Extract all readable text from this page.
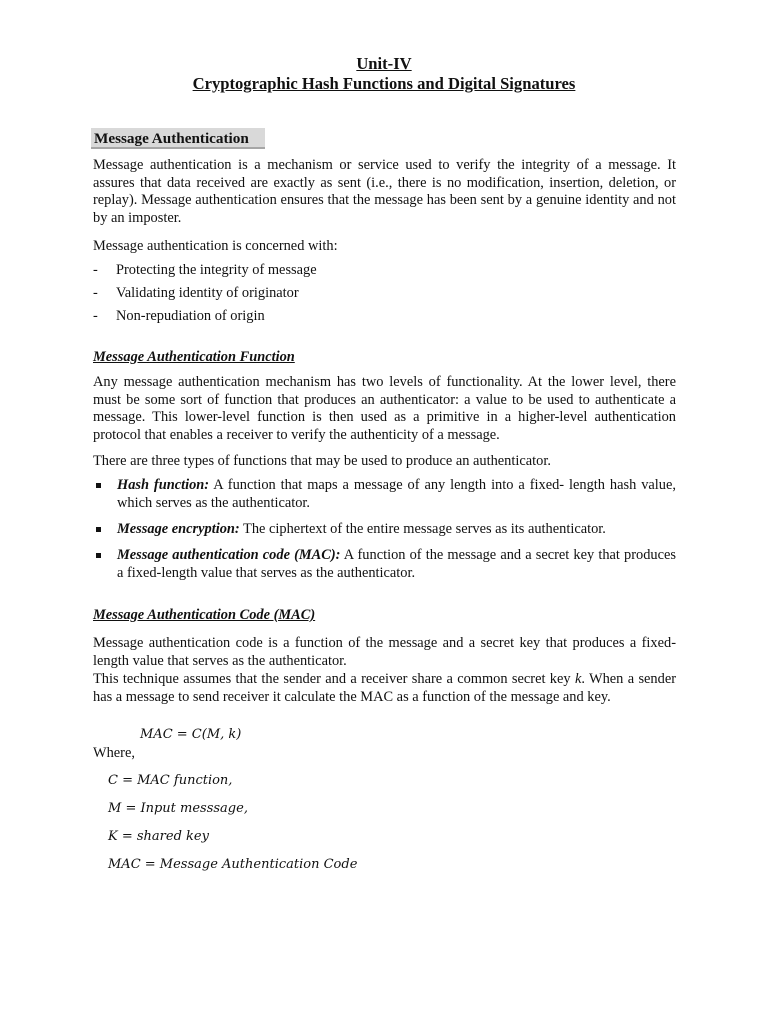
Unit-IV

Cryptographic Hash Functions and Digital Signatures

Message Authentication

Message authentication is a mechanism or service used to verify the integrity of a message. It assures that data received are exactly as sent (i.e., there is no modification, insertion, deletion, or replay). Message authentication ensures that the message has been sent by a genuine identity and not by an imposter.

Message authentication is concerned with:

- Protecting the integrity of message
- Validating identity of originator
- Non-repudiation of origin

Message Authentication Function

Any message authentication mechanism has two levels of functionality. At the lower level, there must be some sort of function that produces an authenticator: a value to be used to authenticate a message. This lower-level function is then used as a primitive in a higher-level authentication protocol that enables a receiver to verify the authenticity of a message.

There are three types of functions that may be used to produce an authenticator.

Hash function: A function that maps a message of any length into a fixed- length hash value, which serves as the authenticator.

Message encryption: The ciphertext of the entire message serves as its authenticator.

Message authentication code (MAC): A function of the message and a secret key that produces a fixed-length value that serves as the authenticator.

Message Authentication Code (MAC)

Message authentication code is a function of the message and a secret key that produces a fixed-length value that serves as the authenticator.

This technique assumes that the sender and a receiver share a common secret key k. When a sender has a message to send receiver it calculate the MAC as a function of the message and key.

MAC = C(M, k)

Where,

C = MAC function,

M = Input messsage,

K = shared key

MAC = Message Authentication Code
